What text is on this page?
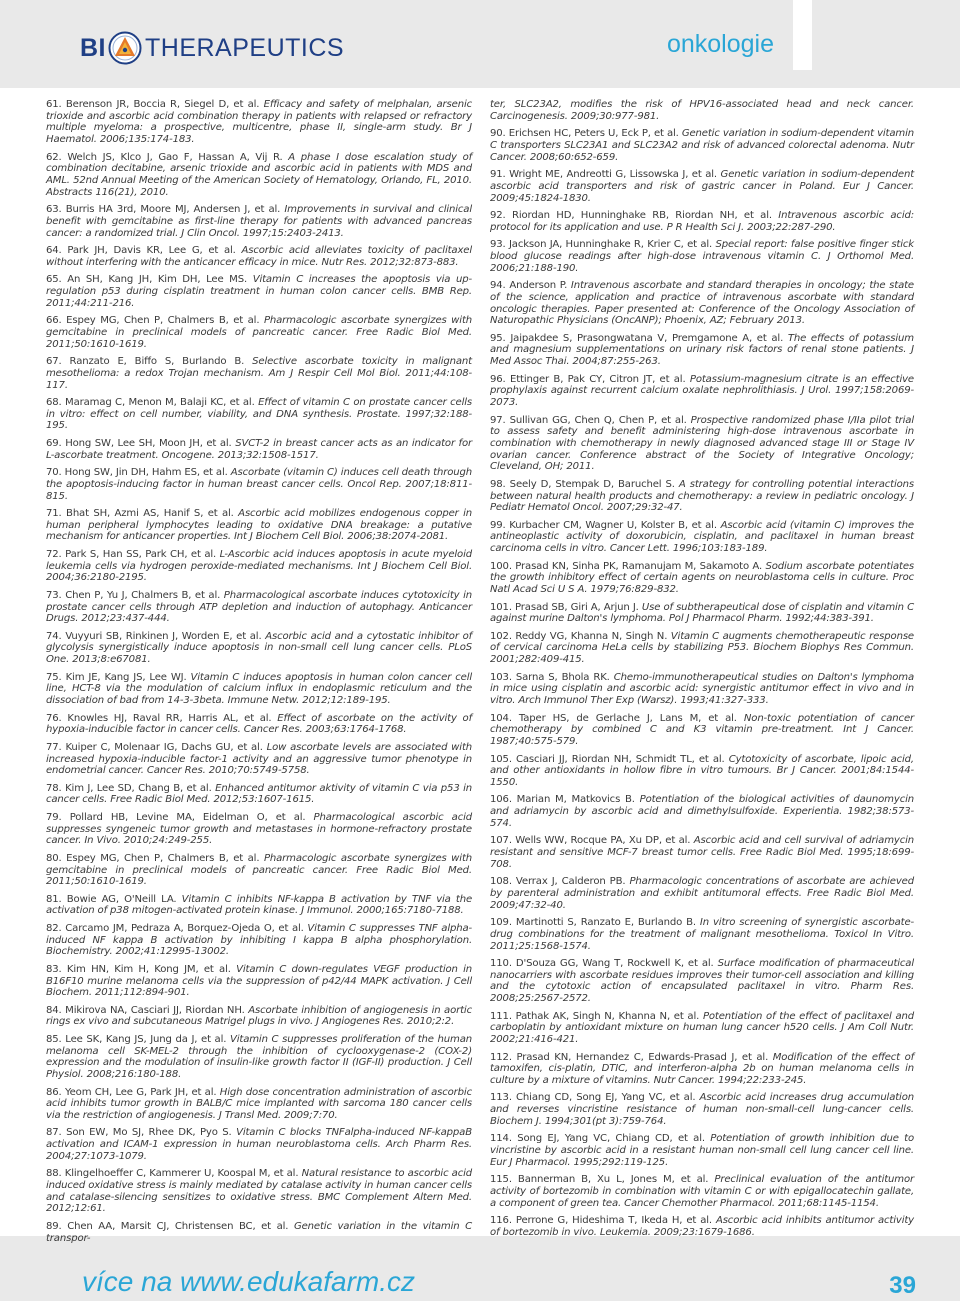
BI THERAPEUTICS	onkologie

61. Berenson JR, Boccia R, Siegel D, et al. Efficacy and safety of melphalan, arsenic trioxide and ascorbic acid combination therapy in patients with relapsed or refractory multiple myeloma: a prospective, multicentre, phase II, single-arm study. Br J Haematol. 2006;135:174-183.

62. Welch JS, Klco J, Gao F, Hassan A, Vij R. A phase I dose escalation study of combination decitabine, arsenic trioxide and ascorbic acid in patients with MDS and AML. 52nd Annual Meeting of the American Society of Hematology, Orlando, FL, 2010. Abstracts 116(21), 2010.

63. Burris HA 3rd, Moore MJ, Andersen J, et al. Improvements in survival and clinical benefit with gemcitabine as first-line therapy for patients with advanced pancreas cancer: a randomized trial. J Clin Oncol. 1997;15:2403-2413.

64. Park JH, Davis KR, Lee G, et al. Ascorbic acid alleviates toxicity of paclitaxel without interfering with the anticancer efficacy in mice. Nutr Res. 2012;32:873-883.

65. An SH, Kang JH, Kim DH, Lee MS. Vitamin C increases the apoptosis via up-regulation p53 during cisplatin treatment in human colon cancer cells. BMB Rep. 2011;44:211-216.

66. Espey MG, Chen P, Chalmers B, et al. Pharmacologic ascorbate synergizes with gemcitabine in preclinical models of pancreatic cancer. Free Radic Biol Med. 2011;50:1610-1619.

67. Ranzato E, Biffo S, Burlando B. Selective ascorbate toxicity in malignant mesothelioma: a redox Trojan mechanism. Am J Respir Cell Mol Biol. 2011;44:108-117.

68. Maramag C, Menon M, Balaji KC, et al. Effect of vitamin C on prostate cancer cells in vitro: effect on cell number, viability, and DNA synthesis. Prostate. 1997;32:188-195.

69. Hong SW, Lee SH, Moon JH, et al. SVCT-2 in breast cancer acts as an indicator for L-ascorbate treatment. Oncogene. 2013;32:1508-1517.

70. Hong SW, Jin DH, Hahm ES, et al. Ascorbate (vitamin C) induces cell death through the apoptosis-inducing factor in human breast cancer cells. Oncol Rep. 2007;18:811-815.

71. Bhat SH, Azmi AS, Hanif S, et al. Ascorbic acid mobilizes endogenous copper in human peripheral lymphocytes leading to oxidative DNA breakage: a putative mechanism for anticancer properties. Int J Biochem Cell Biol. 2006;38:2074-2081.

72. Park S, Han SS, Park CH, et al. L-Ascorbic acid induces apoptosis in acute myeloid leukemia cells via hydrogen peroxide-mediated mechanisms. Int J Biochem Cell Biol. 2004;36:2180-2195.

73. Chen P, Yu J, Chalmers B, et al. Pharmacological ascorbate induces cytotoxicity in prostate cancer cells through ATP depletion and induction of autophagy. Anticancer Drugs. 2012;23:437-444.

74. Vuyyuri SB, Rinkinen J, Worden E, et al. Ascorbic acid and a cytostatic inhibitor of glycolysis synergistically induce apoptosis in non-small cell lung cancer cells. PLoS One. 2013;8:e67081.

75. Kim JE, Kang JS, Lee WJ. Vitamin C induces apoptosis in human colon cancer cell line, HCT-8 via the modulation of calcium influx in endoplasmic reticulum and the dissociation of bad from 14-3-3beta. Immune Netw. 2012;12:189-195.

76. Knowles HJ, Raval RR, Harris AL, et al. Effect of ascorbate on the activity of hypoxia-inducible factor in cancer cells. Cancer Res. 2003;63:1764-1768.

77. Kuiper C, Molenaar IG, Dachs GU, et al. Low ascorbate levels are associated with increased hypoxia-inducible factor-1 activity and an aggressive tumor phenotype in endometrial cancer. Cancer Res. 2010;70:5749-5758.

78. Kim J, Lee SD, Chang B, et al. Enhanced antitumor aktivity of vitamin C via p53 in cancer cells. Free Radic Biol Med. 2012;53:1607-1615.

79. Pollard HB, Levine MA, Eidelman O, et al. Pharmacological ascorbic acid suppresses syngeneic tumor growth and metastases in hormone-refractory prostate cancer. In Vivo. 2010;24:249-255.

80. Espey MG, Chen P, Chalmers B, et al. Pharmacologic ascorbate synergizes with gemcitabine in preclinical models of pancreatic cancer. Free Radic Biol Med. 2011;50:1610-1619.

81. Bowie AG, O'Neill LA. Vitamin C inhibits NF-kappa B activation by TNF via the activation of p38 mitogen-activated protein kinase. J Immunol. 2000;165:7180-7188.

82. Carcamo JM, Pedraza A, Borquez-Ojeda O, et al. Vitamin C suppresses TNF alpha-induced NF kappa B activation by inhibiting I kappa B alpha phosphorylation. Biochemistry. 2002;41:12995-13002.

83. Kim HN, Kim H, Kong JM, et al. Vitamin C down-regulates VEGF production in B16F10 murine melanoma cells via the suppression of p42/44 MAPK activation. J Cell Biochem. 2011;112:894-901.

84. Mikirova NA, Casciari JJ, Riordan NH. Ascorbate inhibition of angiogenesis in aortic rings ex vivo and subcutaneous Matrigel plugs in vivo. J Angiogenes Res. 2010;2:2.

85. Lee SK, Kang JS, Jung da J, et al. Vitamin C suppresses proliferation of the human melanoma cell SK-MEL-2 through the inhibition of cyclooxygenase-2 (COX-2) expression and the modulation of insulin-like growth factor II (IGF-II) production. J Cell Physiol. 2008;216:180-188.

86. Yeom CH, Lee G, Park JH, et al. High dose concentration administration of ascorbic acid inhibits tumor growth in BALB/C mice implanted with sarcoma 180 cancer cells via the restriction of angiogenesis. J Transl Med. 2009;7:70.

87. Son EW, Mo SJ, Rhee DK, Pyo S. Vitamin C blocks TNFalpha-induced NF-kappaB activation and ICAM-1 expression in human neuroblastoma cells. Arch Pharm Res. 2004;27:1073-1079.

88. Klingelhoeffer C, Kammerer U, Koospal M, et al. Natural resistance to ascorbic acid induced oxidative stress is mainly mediated by catalase activity in human cancer cells and catalase-silencing sensitizes to oxidative stress. BMC Complement Altern Med. 2012;12:61.

89. Chen AA, Marsit CJ, Christensen BC, et al. Genetic variation in the vitamin C transpor-

ter, SLC23A2, modifies the risk of HPV16-associated head and neck cancer. Carcinogenesis. 2009;30:977-981.

90. Erichsen HC, Peters U, Eck P, et al. Genetic variation in sodium-dependent vitamin C transporters SLC23A1 and SLC23A2 and risk of advanced colorectal adenoma. Nutr Cancer. 2008;60:652-659.

91. Wright ME, Andreotti G, Lissowska J, et al. Genetic variation in sodium-dependent ascorbic acid transporters and risk of gastric cancer in Poland. Eur J Cancer. 2009;45:1824-1830.

92. Riordan HD, Hunninghake RB, Riordan NH, et al. Intravenous ascorbic acid: protocol for its application and use. P R Health Sci J. 2003;22:287-290.

93. Jackson JA, Hunninghake R, Krier C, et al. Special report: false positive finger stick blood glucose readings after high-dose intravenous vitamin C. J Orthomol Med. 2006;21:188-190.

94. Anderson P. Intravenous ascorbate and standard therapies in oncology; the state of the science, application and practice of intravenous ascorbate with standard oncologic therapies. Paper presented at: Conference of the Oncology Association of Naturopathic Physicians (OncANP); Phoenix, AZ; February 2013.

95. Jaipakdee S, Prasongwatana V, Premgamone A, et al. The effects of potassium and magnesium supplementations on urinary risk factors of renal stone patients. J Med Assoc Thai. 2004;87:255-263.

96. Ettinger B, Pak CY, Citron JT, et al. Potassium-magnesium citrate is an effective prophylaxis against recurrent calcium oxalate nephrolithiasis. J Urol. 1997;158:2069-2073.

97. Sullivan GG, Chen Q, Chen P, et al. Prospective randomized phase I/IIa pilot trial to assess safety and benefit administering high-dose intravenous ascorbate in combination with chemotherapy in newly diagnosed advanced stage III or Stage IV ovarian cancer. Conference abstract of the Society of Integrative Oncology; Cleveland, OH; 2011.

98. Seely D, Stempak D, Baruchel S. A strategy for controlling potential interactions between natural health products and chemotherapy: a review in pediatric oncology. J Pediatr Hematol Oncol. 2007;29:32-47.

99. Kurbacher CM, Wagner U, Kolster B, et al. Ascorbic acid (vitamin C) improves the antineoplastic activity of doxorubicin, cisplatin, and paclitaxel in human breast carcinoma cells in vitro. Cancer Lett. 1996;103:183-189.

100. Prasad KN, Sinha PK, Ramanujam M, Sakamoto A. Sodium ascorbate potentiates the growth inhibitory effect of certain agents on neuroblastoma cells in culture. Proc Natl Acad Sci U S A. 1979;76:829-832.

101. Prasad SB, Giri A, Arjun J. Use of subtherapeutical dose of cisplatin and vitamin C against murine Dalton's lymphoma. Pol J Pharmacol Pharm. 1992;44:383-391.

102. Reddy VG, Khanna N, Singh N. Vitamin C augments chemotherapeutic response of cervical carcinoma HeLa cells by stabilizing P53. Biochem Biophys Res Commun. 2001;282:409-415.

103. Sarna S, Bhola RK. Chemo-immunotherapeutical studies on Dalton's lymphoma in mice using cisplatin and ascorbic acid: synergistic antitumor effect in vivo and in vitro. Arch Immunol Ther Exp (Warsz). 1993;41:327-333.

104. Taper HS, de Gerlache J, Lans M, et al. Non-toxic potentiation of cancer chemotherapy by combined C and K3 vitamin pre-treatment. Int J Cancer. 1987;40:575-579.

105. Casciari JJ, Riordan NH, Schmidt TL, et al. Cytotoxicity of ascorbate, lipoic acid, and other antioxidants in hollow fibre in vitro tumours. Br J Cancer. 2001;84:1544-1550.

106. Marian M, Matkovics B. Potentiation of the biological activities of daunomycin and adriamycin by ascorbic acid and dimethylsulfoxide. Experientia. 1982;38:573-574.

107. Wells WW, Rocque PA, Xu DP, et al. Ascorbic acid and cell survival of adriamycin resistant and sensitive MCF-7 breast tumor cells. Free Radic Biol Med. 1995;18:699-708.

108. Verrax J, Calderon PB. Pharmacologic concentrations of ascorbate are achieved by parenteral administration and exhibit antitumoral effects. Free Radic Biol Med. 2009;47:32-40.

109. Martinotti S, Ranzato E, Burlando B. In vitro screening of synergistic ascorbate-drug combinations for the treatment of malignant mesothelioma. Toxicol In Vitro. 2011;25:1568-1574.

110. D'Souza GG, Wang T, Rockwell K, et al. Surface modification of pharmaceutical nanocarriers with ascorbate residues improves their tumor-cell association and killing and the cytotoxic action of encapsulated paclitaxel in vitro. Pharm Res. 2008;25:2567-2572.

111. Pathak AK, Singh N, Khanna N, et al. Potentiation of the effect of paclitaxel and carboplatin by antioxidant mixture on human lung cancer h520 cells. J Am Coll Nutr. 2002;21:416-421.

112. Prasad KN, Hernandez C, Edwards-Prasad J, et al. Modification of the effect of tamoxifen, cis-platin, DTIC, and interferon-alpha 2b on human melanoma cells in culture by a mixture of vitamins. Nutr Cancer. 1994;22:233-245.

113. Chiang CD, Song EJ, Yang VC, et al. Ascorbic acid increases drug accumulation and reverses vincristine resistance of human non-small-cell lung-cancer cells. Biochem J. 1994;301(pt 3):759-764.

114. Song EJ, Yang VC, Chiang CD, et al. Potentiation of growth inhibition due to vincristine by ascorbic acid in a resistant human non-small cell lung cancer cell line. Eur J Pharmacol. 1995;292:119-125.

115. Bannerman B, Xu L, Jones M, et al. Preclinical evaluation of the antitumor activity of bortezomib in combination with vitamin C or with epigallocatechin gallate, a component of green tea. Cancer Chemother Pharmacol. 2011;68:1145-1154.

116. Perrone G, Hideshima T, Ikeda H, et al. Ascorbic acid inhibits antitumor activity of bortezomib in vivo. Leukemia. 2009;23:1679-1686.

více na www.edukafarm.cz	39
